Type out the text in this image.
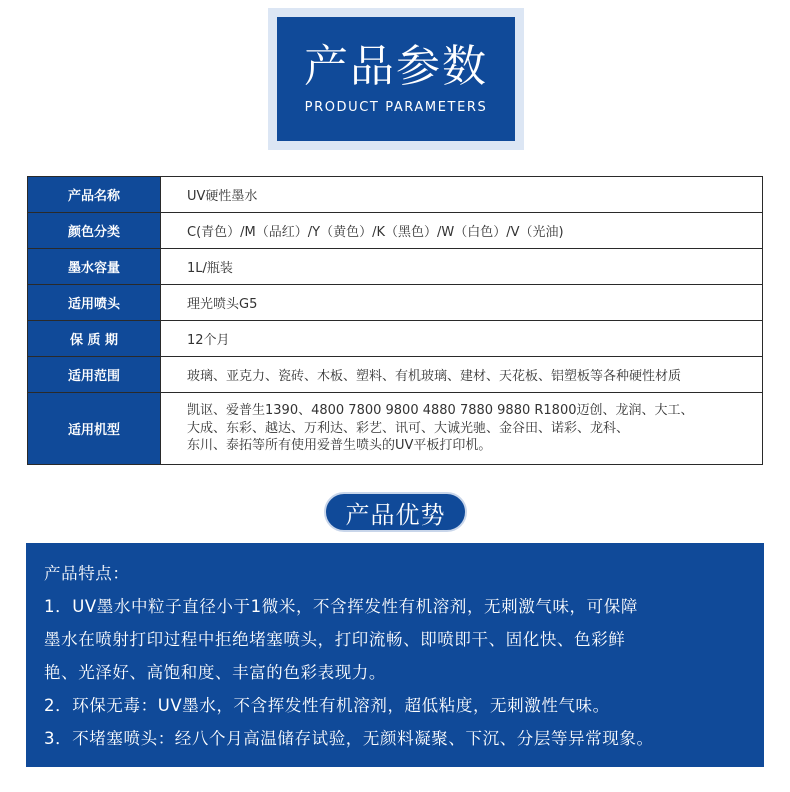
产品参数
PRODUCT PARAMETERS
产品名称	UV硬性墨水
颜色分类	C(青色）/M（品红）/Y（黄色）/K（黑色）/W（白色）/V（光油)
墨水容量	1L/瓶装
适用喷头	理光喷头G5
保 质 期	12个月
适用范围	玻璃、亚克力、瓷砖、木板、塑料、有机玻璃、建材、天花板、铝塑板等各种硬性材质
适用机型	凯讴、爱普生1390、4800 7800 9800 4880 7880 9880 R1800迈创、龙润、大工、
大成、东彩、越达、万利达、彩艺、讯可、大诚光驰、金谷田、诺彩、龙科、
东川、泰拓等所有使用爱普生喷头的UV平板打印机。
产品优势

产品特点：

1．UV墨水中粒子直径小于1微米，不含挥发性有机溶剂，无刺激气味，可保障

墨水在喷射打印过程中拒绝堵塞喷头，打印流畅、即喷即干、固化快、色彩鲜

艳、光泽好、高饱和度、丰富的色彩表现力。

2．环保无毒：UV墨水，不含挥发性有机溶剂，超低粘度，无刺激性气味。

3．不堵塞喷头：经八个月高温储存试验，无颜料凝聚、下沉、分层等异常现象。
